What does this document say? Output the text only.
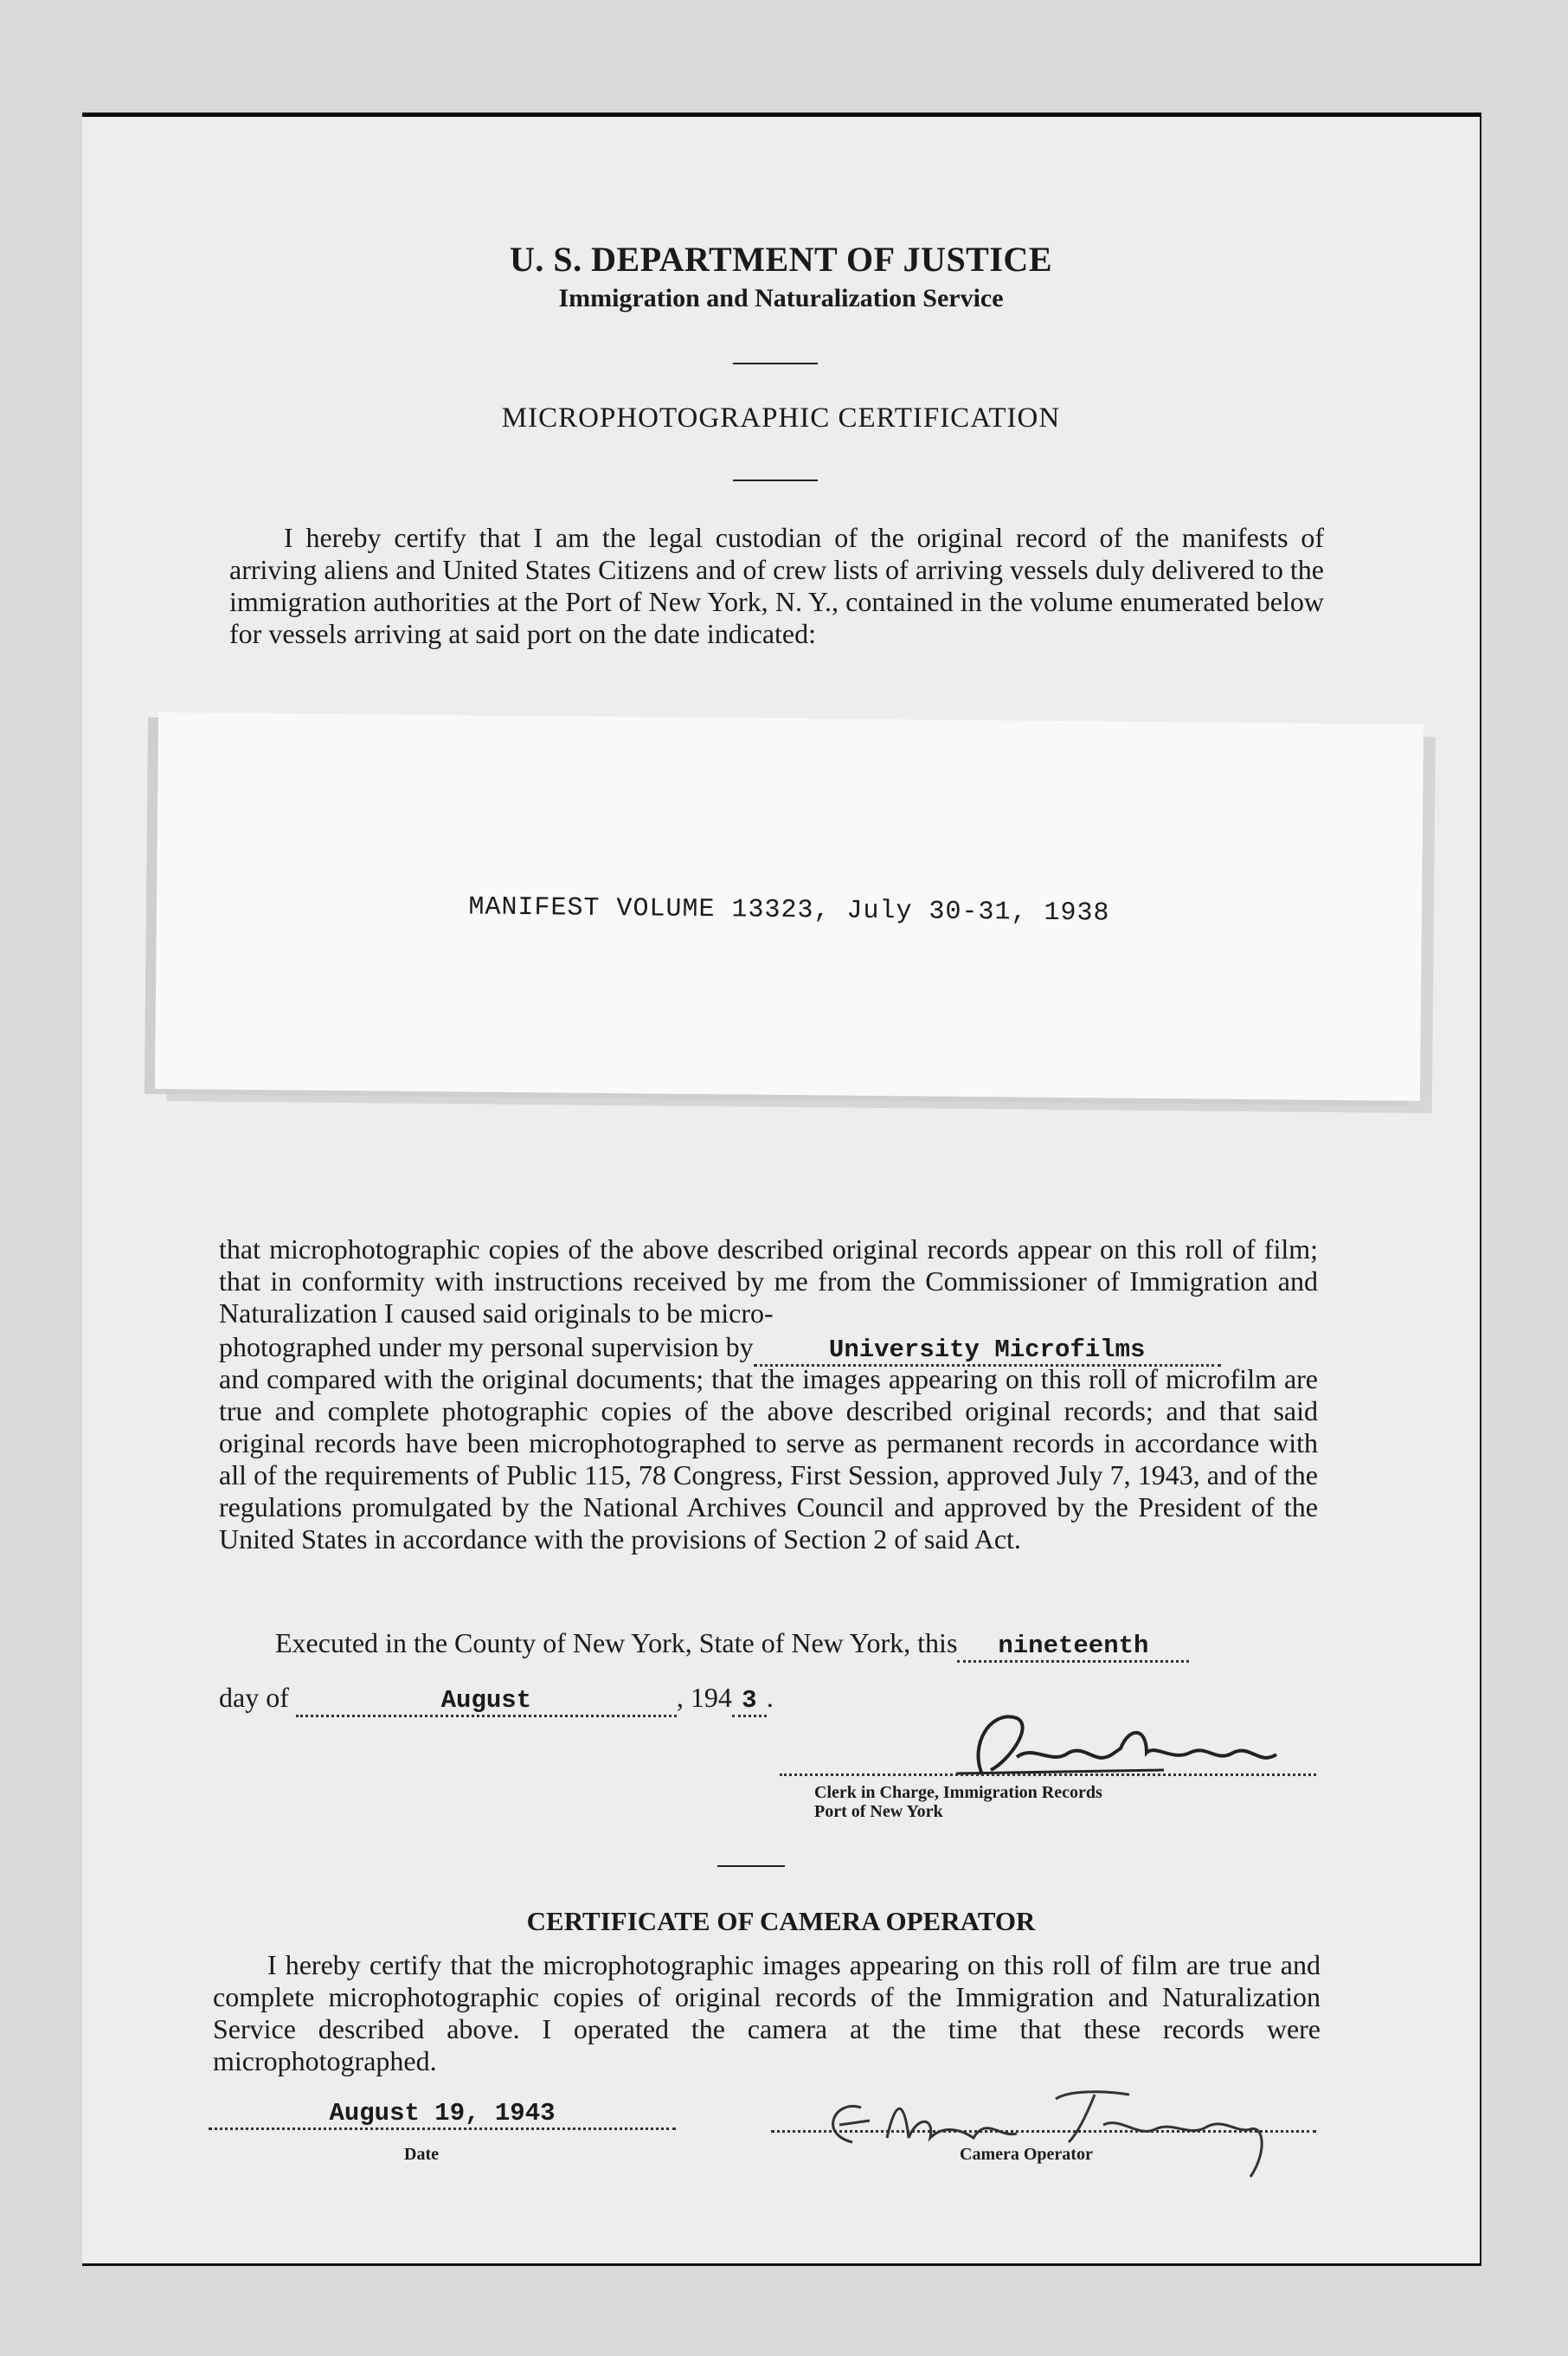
U. S. DEPARTMENT OF JUSTICE
Immigration and Naturalization Service
MICROPHOTOGRAPHIC CERTIFICATION

I hereby certify that I am the legal custodian of the original record of the manifests of arriving aliens and United States Citizens and of crew lists of arriving vessels duly delivered to the immigration authorities at the Port of New York, N. Y., contained in the volume enumerated below for vessels arriving at said port on the date indicated:

MANIFEST VOLUME 13323, July 30-31, 1938

that microphotographic copies of the above described original records appear on this roll of film; that in conformity with instructions received by me from the Commissioner of Immigration and Naturalization I caused said originals to be micro-

photographed under my personal supervision by	University Microfilms

and compared with the original documents; that the images appearing on this roll of microfilm are true and complete photographic copies of the above described original records; and that said original records have been microphotographed to serve as permanent records in accordance with all of the requirements of Public 115, 78 Congress, First Session, approved July 7, 1943, and of the regulations promulgated by the National Archives Council and approved by the President of the United States in accordance with the provisions of Section 2 of said Act.

Executed in the County of New York, State of New York, this nineteenth
day of	August	, 194 3 .
Clerk in Charge, Immigration Records
Port of New York
CERTIFICATE OF CAMERA OPERATOR

I hereby certify that the microphotographic images appearing on this roll of film are true and complete microphotographic copies of original records of the Immigration and Naturalization Service described above. I operated the camera at the time that these records were microphotographed.

August 19, 1943
Date	Camera Operator
